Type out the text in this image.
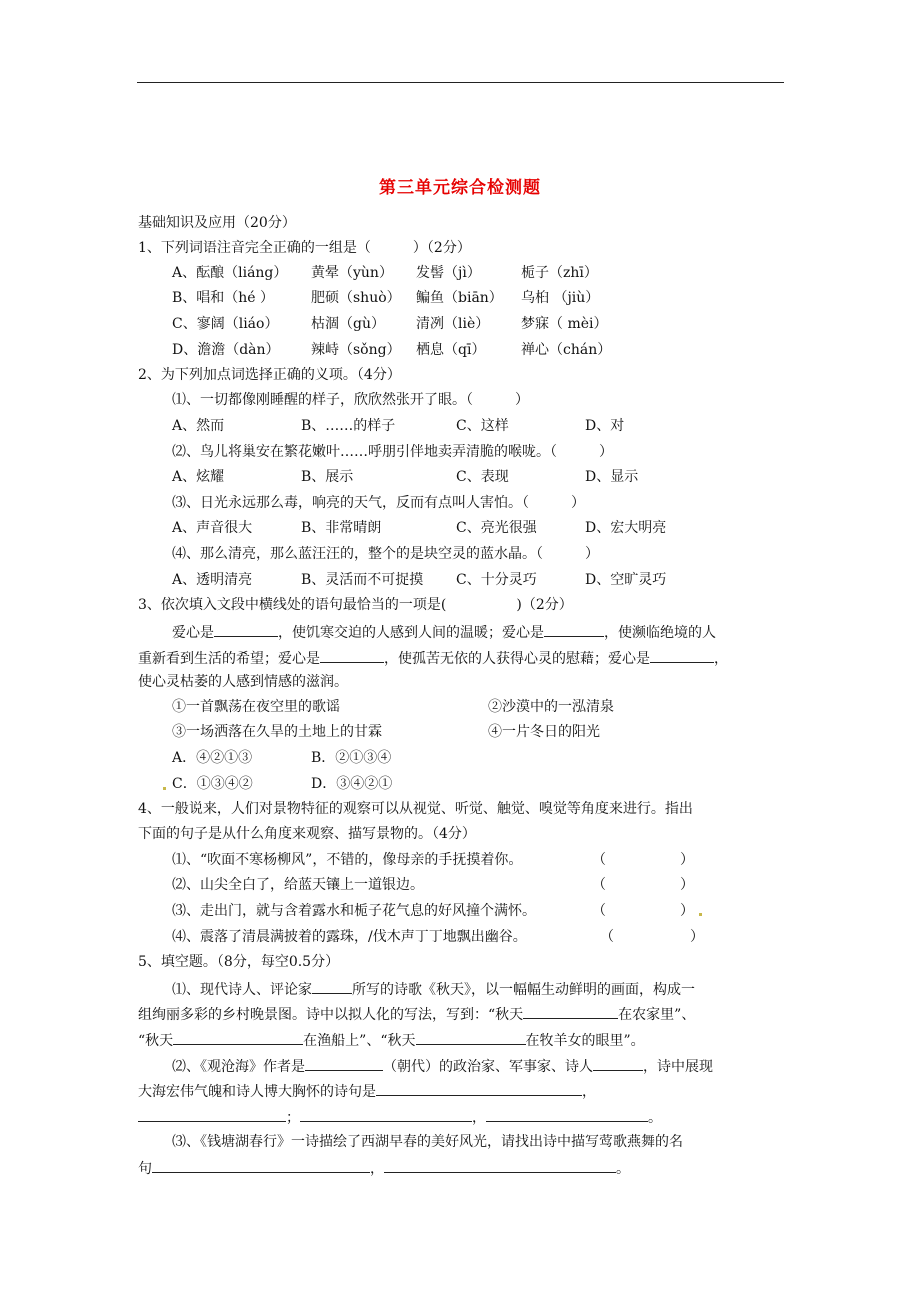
第三单元综合检测题
基础知识及应用（20分）
1、下列词语注音完全正确的一组是（　　　）（2分）
A、酝酿（liáng） 黄晕（yùn） 发髻（jì）	栀子（zhī）
B、唱和（hé ）	肥硕（shuò） 鳊鱼（biān） 乌桕 （jiù）
C、寥阔（liáo） 枯涸（gù） 清冽（liè） 梦寐（ mèi）
D、澹澹（dàn） 辣峙（sǒng） 栖息（qī）	禅心（chán）
2、为下列加点词选择正确的义项。（4分）
⑴、一切都像刚睡醒的样子，欣欣然张开了眼。（　　　）
A、然而	B、……的样子	C、这样	D、对
⑵、鸟儿将巢安在繁花嫩叶……呼朋引伴地卖弄清脆的喉咙。（　　　）
A、炫耀	B、展示	C、表现	D、显示
⑶、日光永远那么毒，响亮的天气，反而有点叫人害怕。（　　　）
A、声音很大	B、非常晴朗	C、亮光很强	D、宏大明亮
⑷、那么清亮，那么蓝汪汪的，整个的是块空灵的蓝水晶。（　　　）
A、透明清亮	B、灵活而不可捉摸 C、十分灵巧	D、空旷灵巧
3、依次填入文段中横线处的语句最恰当的一项是(　　　　　)（2分）
爱心是	，使饥寒交迫的人感到人间的温暖；爱心是	，使濒临绝境的人
重新看到生活的希望；爱心是	，使孤苦无依的人获得心灵的慰藉；爱心是	，
使心灵枯萎的人感到情感的滋润。
①一首飘荡在夜空里的歌谣	②沙漠中的一泓清泉
③一场洒落在久旱的土地上的甘霖	④一片冬日的阳光
A．④②①③	B．②①③④
C．①③④②	D．③④②①
4、一般说来，人们对景物特征的观察可以从视觉、听觉、触觉、嗅觉等角度来进行。指出
下面的句子是从什么角度来观察、描写景物的。（4分）
⑴、“吹面不寒杨柳风”，不错的，像母亲的手抚摸着你。	（	）
⑵、山尖全白了，给蓝天镶上一道银边。	（	）
⑶、走出门，就与含着露水和栀子花气息的好风撞个满怀。	（	）
⑷、震落了清晨满披着的露珠，/伐木声丁丁地飘出幽谷。	（	）
5、填空题。（8分，每空0.5分）
⑴、现代诗人、评论家	所写的诗歌《秋天》，以一幅幅生动鲜明的画面，构成一
组绚丽多彩的乡村晚景图。诗中以拟人化的写法，写到：“秋天	在农家里”、
“秋天	在渔船上”、“秋天	在牧羊女的眼里”。
⑵、《观沧海》作者是	（朝代）的政治家、军事家、诗人	，诗中展现
大海宏伟气魄和诗人博大胸怀的诗句是	，
；	，	。
⑶、《钱塘湖春行》一诗描绘了西湖早春的美好风光，请找出诗中描写莺歌燕舞的名
句	，	。
